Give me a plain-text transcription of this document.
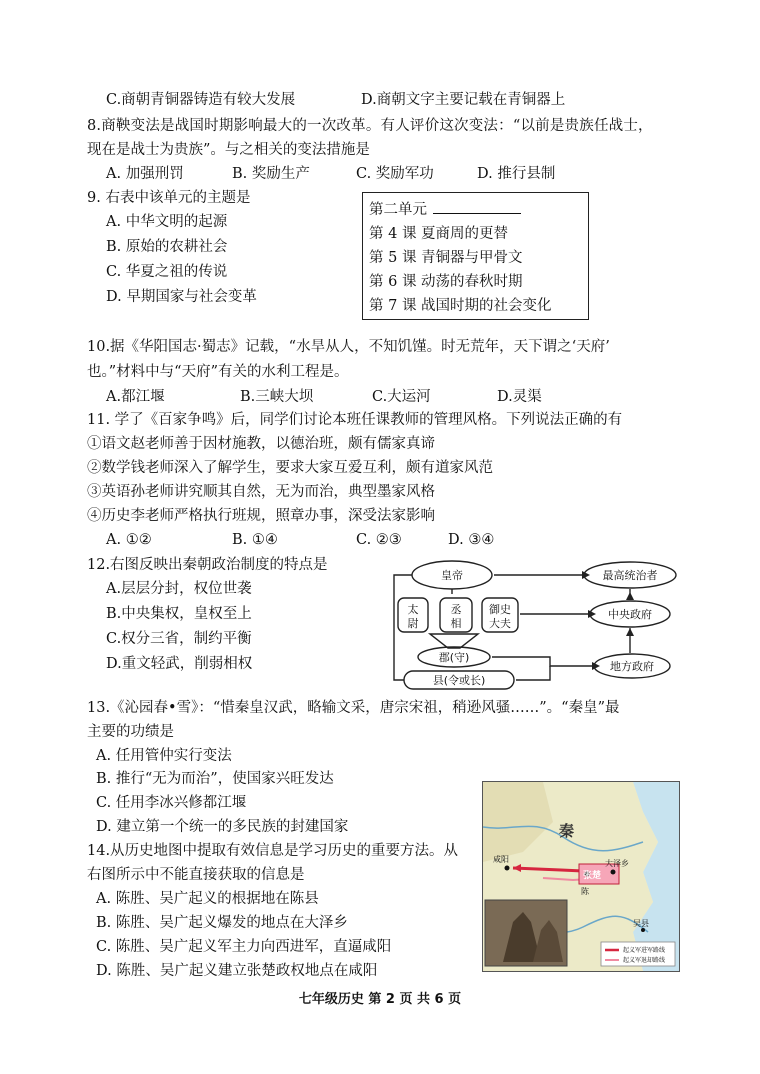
C.商朝青铜器铸造有较大发展	D.商朝文字主要记载在青铜器上
8.商鞅变法是战国时期影响最大的一次改革。有人评价这次变法：“以前是贵族任战士，
现在是战士为贵族”。与之相关的变法措施是
A. 加强刑罚	B. 奖励生产	C. 奖励军功	D. 推行县制
9. 右表中该单元的主题是
A. 中华文明的起源
B. 原始的农耕社会
C. 华夏之祖的传说
D. 早期国家与社会变革
第二单元
第 4 课 夏商周的更替
第 5 课 青铜器与甲骨文
第 6 课 动荡的春秋时期
第 7 课 战国时期的社会变化
10.据《华阳国志·蜀志》记载，“水旱从人，不知饥馑。时无荒年，天下谓之‘天府’
也。”材料中与“天府”有关的水利工程是。
A.都江堰	B.三峡大坝	C.大运河	D.灵渠
11. 学了《百家争鸣》后，同学们讨论本班任课教师的管理风格。下列说法正确的有
①语文赵老师善于因材施教，以德治班，颇有儒家真谛
②数学钱老师深入了解学生，要求大家互爱互利，颇有道家风范
③英语孙老师讲究顺其自然，无为而治，典型墨家风格
④历史李老师严格执行班规，照章办事，深受法家影响
A. ①②	B. ①④	C. ②③	D. ③④
12.右图反映出秦朝政治制度的特点是
A.层层分封，权位世袭
B.中央集权，皇权至上
C.权分三省，制约平衡
D.重文轻武，削弱相权
皇帝
太
尉
丞
相
御史
大夫
郡(守)
县(令或长)
最高统治者
中央政府
地方政府
13.《沁园春•雪》：“惜秦皇汉武，略输文采，唐宗宋祖，稍逊风骚……”。“秦皇”最
主要的功绩是
A. 任用管仲实行变法
B. 推行“无为而治”，使国家兴旺发达
C. 任用李冰兴修都江堰
D. 建立第一个统一的多民族的封建国家
14.从历史地图中提取有效信息是学习历史的重要方法。从
右图所示中不能直接获取的信息是
A. 陈胜、吴广起义的根据地在陈县
B. 陈胜、吴广起义爆发的地点在大泽乡
C. 陈胜、吴广起义军主力向西进军，直逼咸阳
D. 陈胜、吴广起义建立张楚政权地点在咸阳
秦
咸阳
陈
大泽乡
张楚
吴县
起义军进军路线
起义军退却路线
七年级历史 第 2 页 共 6 页
